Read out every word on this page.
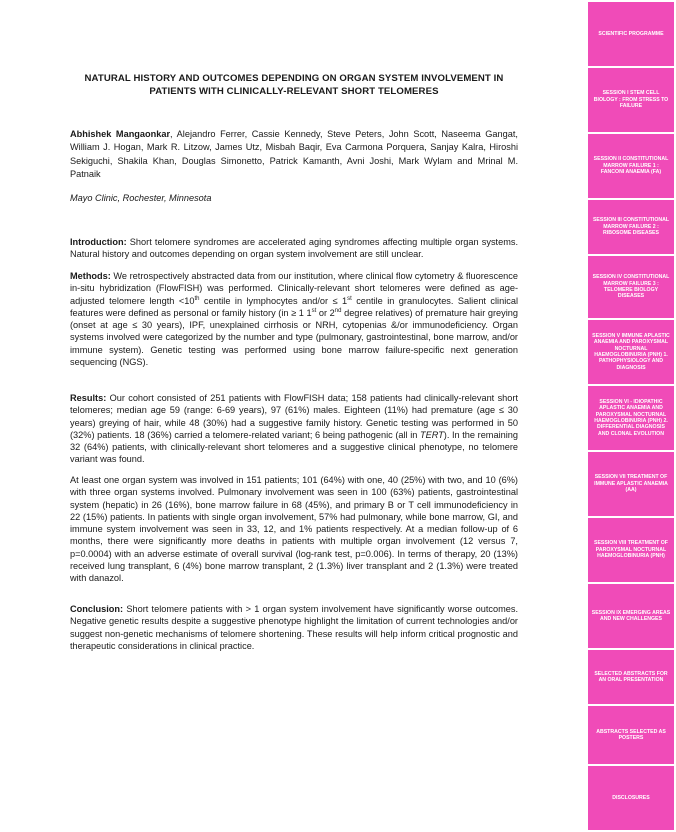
NATURAL HISTORY AND OUTCOMES DEPENDING ON ORGAN SYSTEM INVOLVEMENT IN PATIENTS WITH CLINICALLY-RELEVANT SHORT TELOMERES
Abhishek Mangaonkar, Alejandro Ferrer, Cassie Kennedy, Steve Peters, John Scott, Naseema Gangat, William J. Hogan, Mark R. Litzow, James Utz, Misbah Baqir, Eva Carmona Porquera, Sanjay Kalra, Hiroshi Sekiguchi, Shakila Khan, Douglas Simonetto, Patrick Kamanth, Avni Joshi, Mark Wylam and Mrinal M. Patnaik
Mayo Clinic, Rochester, Minnesota
Introduction: Short telomere syndromes are accelerated aging syndromes affecting multiple organ systems. Natural history and outcomes depending on organ system involvement are still unclear.
Methods: We retrospectively abstracted data from our institution, where clinical flow cytometry & fluorescence in-situ hybridization (FlowFISH) was performed. Clinically-relevant short telomeres were defined as age-adjusted telomere length <10th centile in lymphocytes and/or ≤ 1st centile in granulocytes. Salient clinical features were defined as personal or family history (in ≥ 1 1st or 2nd degree relatives) of premature hair greying (onset at age ≤ 30 years), IPF, unexplained cirrhosis or NRH, cytopenias &/or immunodeficiency. Organ systems involved were categorized by the number and type (pulmonary, gastrointestinal, bone marrow, and/or immune system). Genetic testing was performed using bone marrow failure-specific next generation sequencing (NGS).
Results: Our cohort consisted of 251 patients with FlowFISH data; 158 patients had clinically-relevant short telomeres; median age 59 (range: 6-69 years), 97 (61%) males. Eighteen (11%) had premature (age ≤ 30 years) greying of hair, while 48 (30%) had a suggestive family history. Genetic testing was performed in 50 (32%) patients. 18 (36%) carried a telomere-related variant; 6 being pathogenic (all in TERT). In the remaining 32 (64%) patients, with clinically-relevant short telomeres and a suggestive clinical phenotype, no telomere variant was found.
At least one organ system was involved in 151 patients; 101 (64%) with one, 40 (25%) with two, and 10 (6%) with three organ systems involved. Pulmonary involvement was seen in 100 (63%) patients, gastrointestinal system (hepatic) in 26 (16%), bone marrow failure in 68 (45%), and primary B or T cell immunodeficiency in 22 (15%) patients. In patients with single organ involvement, 57% had pulmonary, while bone marrow, GI, and immune system involvement was seen in 33, 12, and 1% patients respectively. At a median follow-up of 6 months, there were significantly more deaths in patients with multiple organ involvement (12 versus 7, p=0.0004) with an adverse estimate of overall survival (log-rank test, p=0.006). In terms of therapy, 20 (13%) received lung transplant, 6 (4%) bone marrow transplant, 2 (1.3%) liver transplant and 2 (1.3%) were treated with danazol.
Conclusion: Short telomere patients with > 1 organ system involvement have significantly worse outcomes. Negative genetic results despite a suggestive phenotype highlight the limitation of current technologies and/or suggest non-genetic mechanisms of telomere shortening. These results will help inform critical prognostic and therapeutic considerations in clinical practice.
SCIENTIFIC PROGRAMME
SESSION I STEM CELL BIOLOGY : FROM STRESS TO FAILURE
SESSION II CONSTITUTIONAL MARROW FAILURE 1 : FANCONI ANAEMIA (FA)
SESSION III CONSTITUTIONAL MARROW FAILURE 2 : RIBOSOME DISEASES
SESSION IV CONSTITUTIONAL MARROW FAILURE 3 : TELOMERE BIOLOGY DISEASES
SESSION V IMMUNE APLASTIC ANAEMIA AND PAROXYSMAL NOCTURNAL HAEMOGLOBINURIA (PNH) 1. PATHOPHYSIOLOGY AND DIAGNOSIS
SESSION VI - IDIOPATHIC APLASTIC ANAEMIA AND PAROXYSMAL NOCTURNAL HAEMOGLOBINURIA (PNH) 2. DIFFERENTIAL DIAGNOSIS AND CLONAL EVOLUTION
SESSION VII TREATMENT OF IMMUNE APLASTIC ANAEMIA (AA)
SESSION VIII TREATMENT OF PAROXYSMAL NOCTURNAL HAEMOGLOBINURIA (PNH)
SESSION IX EMERGING AREAS AND NEW CHALLENGES
SELECTED ABSTRACTS FOR AN ORAL PRESENTATION
ABSTRACTS SELECTED AS POSTERS
DISCLOSURES
